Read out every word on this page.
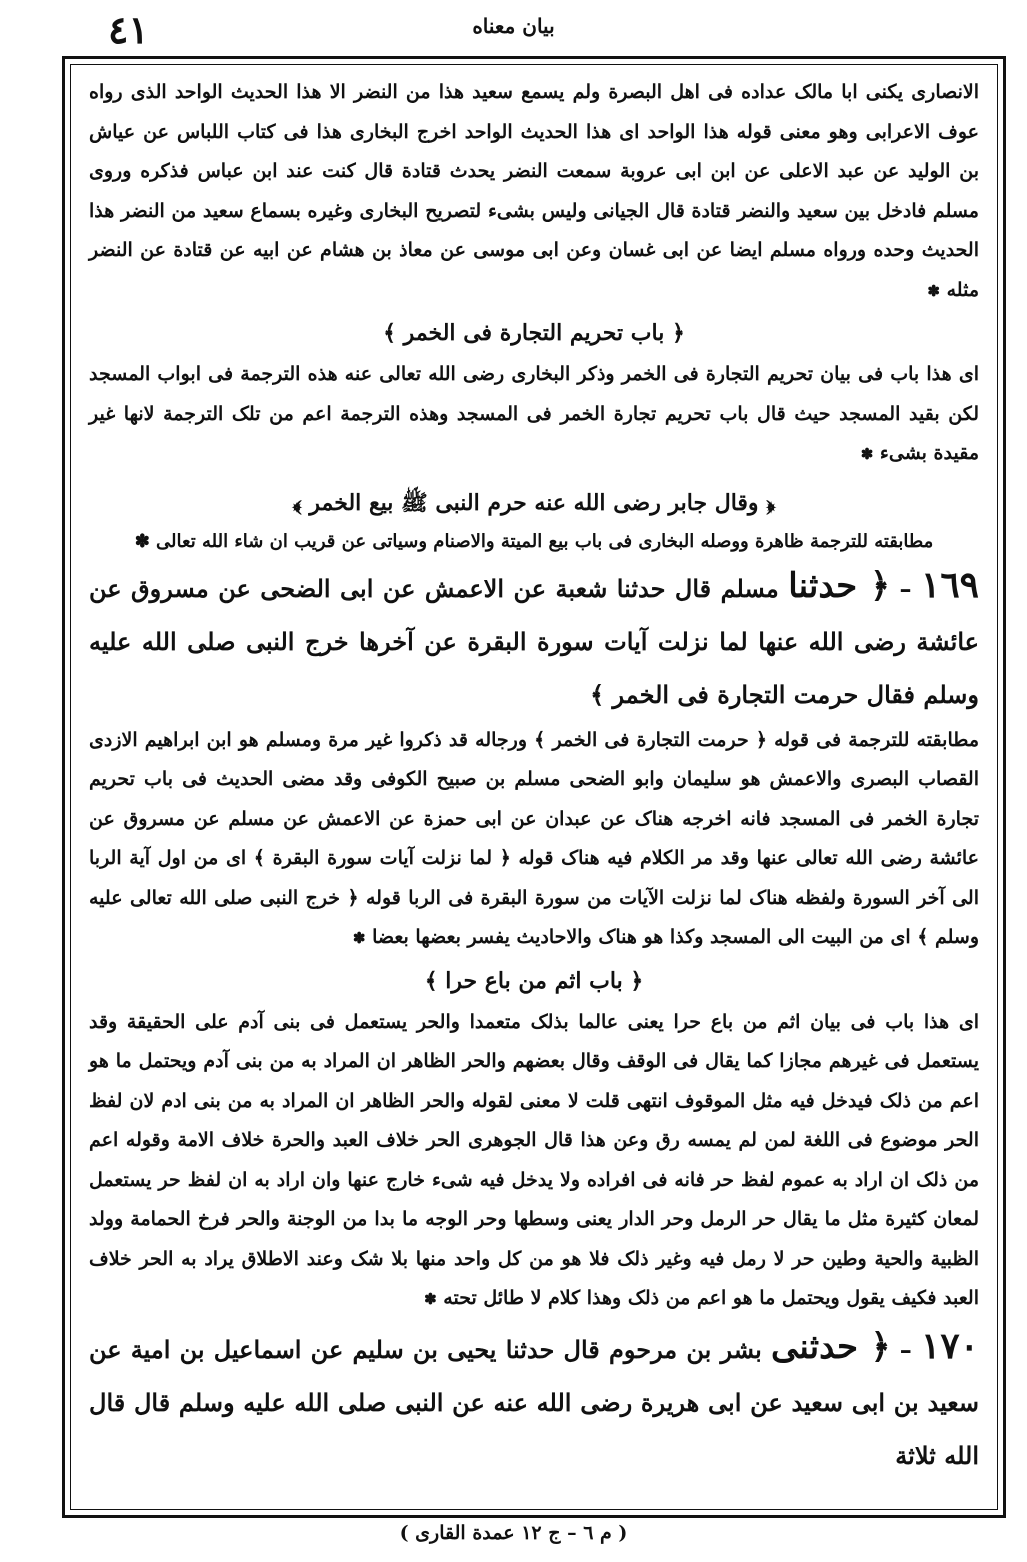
٤١	بیان معناه

الانصاری یکنی ابا مالک عداده فی اهل البصرة ولم یسمع سعید هذا من النضر الا هذا الحدیث الواحد الذی رواه عوف الاعرابی وهو معنی قوله هذا الواحد ای هذا الحدیث الواحد اخرج البخاری هذا فی کتاب اللباس عن عیاش بن الولید عن عبد الاعلی عن ابن ابی عروبة سمعت النضر یحدث قتادة قال کنت عند ابن عباس فذکره وروی مسلم فادخل بین سعید والنضر قتادة قال الجیانی ولیس بشیء لتصریح البخاری وغیره بسماع سعید من النضر هذا الحدیث وحده ورواه مسلم ایضا عن ابی غسان وعن ابی موسی عن معاذ بن هشام عن ابیه عن قتادة عن النضر مثله ✽

﴿ باب تحریم التجارة فی الخمر ﴾

ای هذا باب فی بیان تحریم التجارة فی الخمر وذکر البخاری رضی الله تعالی عنه هذه الترجمة فی ابواب المسجد لکن بقید المسجد حیث قال باب تحریم تجارة الخمر فی المسجد وهذه الترجمة اعم من تلک الترجمة لانها غیر مقیدة بشیء ✽

﴿ وقال جابر رضی الله عنه حرم النبی ﷺ بیع الخمر ﴾
مطابقته للترجمة ظاهرة ووصله البخاری فی باب بیع المیتة والاصنام وسیاتی عن قریب ان شاء الله تعالی ✽

١٦٩ – ﴿ حدثنا مسلم قال حدثنا شعبة عن الاعمش عن ابی الضحی عن مسروق عن عائشة رضی الله عنها لما نزلت آیات سورة البقرة عن آخرها خرج النبی صلی الله علیه وسلم فقال حرمت التجارة فی الخمر ﴾

مطابقته للترجمة فی قوله ﴿ حرمت التجارة فی الخمر ﴾ ورجاله قد ذکروا غیر مرة ومسلم هو ابن ابراهیم الازدی القصاب البصری والاعمش هو سلیمان وابو الضحی مسلم بن صبیح الکوفی وقد مضی الحدیث فی باب تحریم تجارة الخمر فی المسجد فانه اخرجه هناک عن عبدان عن ابی حمزة عن الاعمش عن مسلم عن مسروق عن عائشة رضی الله تعالی عنها وقد مر الکلام فیه هناک قوله ﴿ لما نزلت آیات سورة البقرة ﴾ ای من اول آیة الربا الی آخر السورة ولفظه هناک لما نزلت الآیات من سورة البقرة فی الربا قوله ﴿ خرج النبی صلی الله تعالی علیه وسلم ﴾ ای من البیت الی المسجد وکذا هو هناک والاحادیث یفسر بعضها بعضا ✽

﴿ باب اثم من باع حرا ﴾

ای هذا باب فی بیان اثم من باع حرا یعنی عالما بذلک متعمدا والحر یستعمل فی بنی آدم علی الحقیقة وقد یستعمل فی غیرهم مجازا کما یقال فی الوقف وقال بعضهم والحر الظاهر ان المراد به من بنی آدم ویحتمل ما هو اعم من ذلک فیدخل فیه مثل الموقوف انتهی قلت لا معنی لقوله والحر الظاهر ان المراد به من بنی ادم لان لفظ الحر موضوع فی اللغة لمن لم یمسه رق وعن هذا قال الجوهری الحر خلاف العبد والحرة خلاف الامة وقوله اعم من ذلک ان اراد به عموم لفظ حر فانه فی افراده ولا یدخل فیه شیء خارج عنها وان اراد به ان لفظ حر یستعمل لمعان کثیرة مثل ما یقال حر الرمل وحر الدار یعنی وسطها وحر الوجه ما بدا من الوجنة والحر فرخ الحمامة وولد الظبیة والحیة وطین حر لا رمل فیه وغیر ذلک فلا هو من کل واحد منها بلا شک وعند الاطلاق یراد به الحر خلاف العبد فکیف یقول ویحتمل ما هو اعم من ذلک وهذا کلام لا طائل تحته ✽

١٧٠ – ﴿ حدثنی بشر بن مرحوم قال حدثنا یحیی بن سلیم عن اسماعیل بن امیة عن سعید بن ابی سعید عن ابی هریرة رضی الله عنه عن النبی صلی الله علیه وسلم قال قال الله ثلاثة

( م ٦ – ج ١٢ عمدة القاری )
